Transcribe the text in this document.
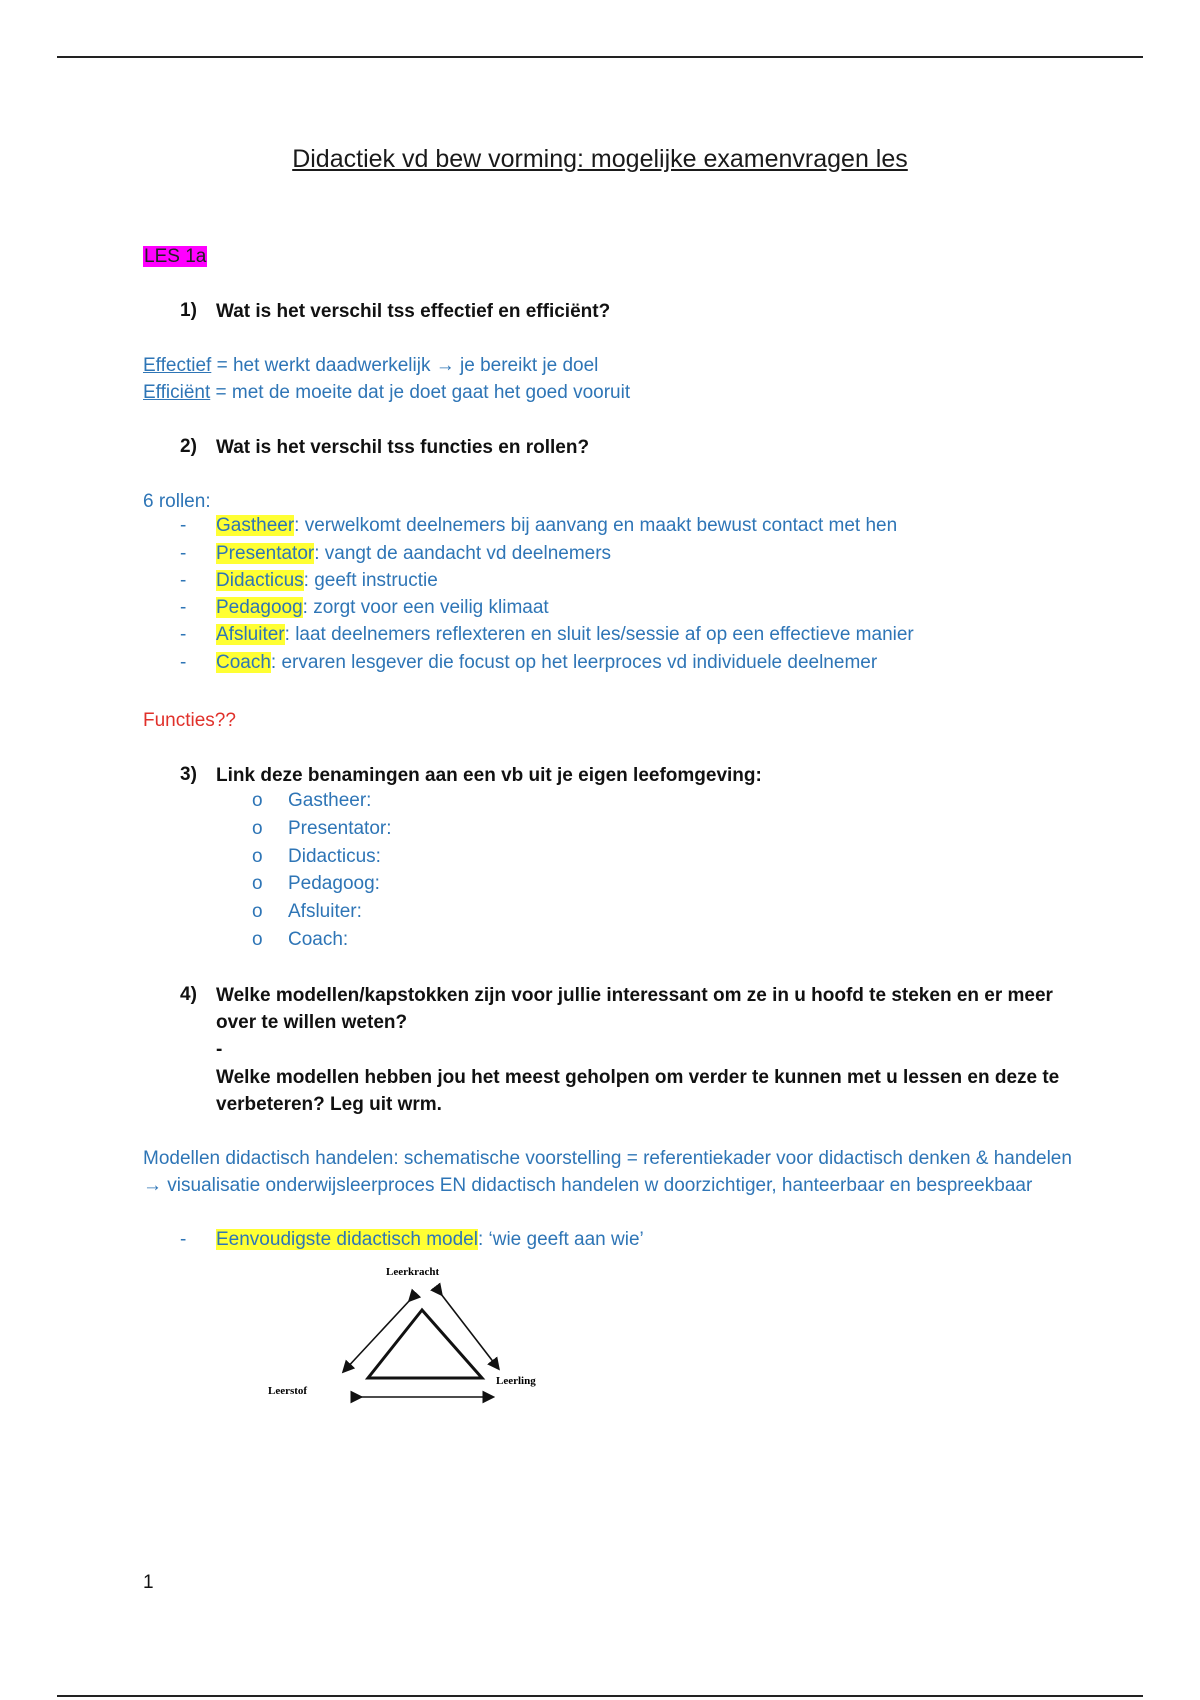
Didactiek vd bew vorming: mogelijke examenvragen les
LES 1a
1) Wat is het verschil tss effectief en efficiënt?
Effectief = het werkt daadwerkelijk → je bereikt je doel
Efficiënt = met de moeite dat je doet gaat het goed vooruit
2) Wat is het verschil tss functies en rollen?
6 rollen:
- Gastheer: verwelkomt deelnemers bij aanvang en maakt bewust contact met hen
- Presentator: vangt de aandacht vd deelnemers
- Didacticus: geeft instructie
- Pedagoog: zorgt voor een veilig klimaat
- Afsluiter: laat deelnemers reflexteren en sluit les/sessie af op een effectieve manier
- Coach: ervaren lesgever die focust op het leerproces vd individuele deelnemer
Functies??
3) Link deze benamingen aan een vb uit je eigen leefomgeving:
o Gastheer:
o Presentator:
o Didacticus:
o Pedagoog:
o Afsluiter:
o Coach:
4) Welke modellen/kapstokken zijn voor jullie interessant om ze in u hoofd te steken en er meer over te willen weten?
-
Welke modellen hebben jou het meest geholpen om verder te kunnen met u lessen en deze te verbeteren? Leg uit wrm.
Modellen didactisch handelen: schematische voorstelling = referentiekader voor didactisch denken & handelen → visualisatie onderwijsleerproces EN didactisch handelen w doorzichtiger, hanteerbaar en bespreekbaar
- Eenvoudigste didactisch model: ‘wie geeft aan wie’
Leerkracht
Leerstof
Leerling
1
